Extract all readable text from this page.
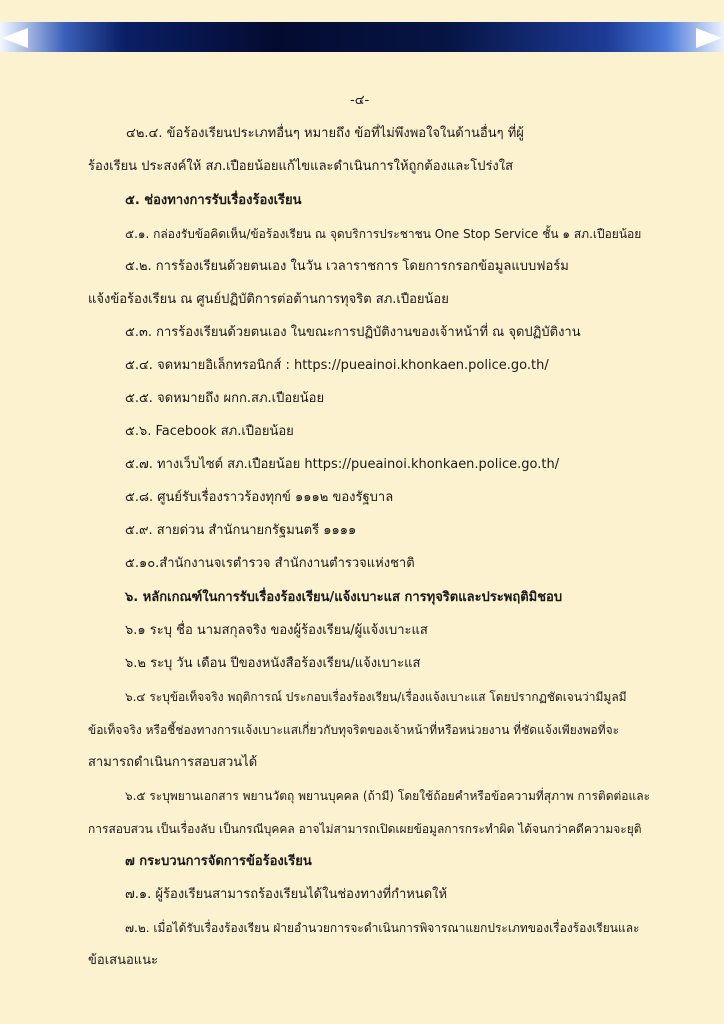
-๔-
๔๒.๔. ข้อร้องเรียนประเภทอื่นๆ หมายถึง ข้อที่ไม่พึงพอใจในด้านอื่นๆ ที่ผู้
ร้องเรียน ประสงค์ให้ สภ.เปือยน้อยแก้ไขและดำเนินการให้ถูกต้องและโปร่งใส
๕. ช่องทางการรับเรื่องร้องเรียน
๕.๑. กล่องรับข้อคิดเห็น/ข้อร้องเรียน ณ จุดบริการประชาชน One Stop Service ชั้น ๑ สภ.เปือยน้อย
๕.๒. การร้องเรียนด้วยตนเอง ในวัน เวลาราชการ โดยการกรอกข้อมูลแบบฟอร์ม
แจ้งข้อร้องเรียน ณ ศูนย์ปฏิบัติการต่อต้านการทุจริต สภ.เปือยน้อย
๕.๓. การร้องเรียนด้วยตนเอง ในขณะการปฏิบัติงานของเจ้าหน้าที่ ณ จุดปฏิบัติงาน
๕.๔. จดหมายอิเล็กทรอนิกส์ : https://pueainoi.khonkaen.police.go.th/
๕.๕. จดหมายถึง ผกก.สภ.เปือยน้อย
๕.๖. Facebook สภ.เปือยน้อย
๕.๗. ทางเว็บไซต์ สภ.เปือยน้อย https://pueainoi.khonkaen.police.go.th/
๕.๘. ศูนย์รับเรื่องราวร้องทุกข์ ๑๑๑๒ ของรัฐบาล
๕.๙. สายด่วน สำนักนายกรัฐมนตรี ๑๑๑๑
๕.๑๐.สำนักงานจเรตำรวจ สำนักงานตำรวจแห่งชาติ
๖. หลักเกณฑ์ในการรับเรื่องร้องเรียน/แจ้งเบาะแส การทุจริตและประพฤติมิชอบ
๖.๑ ระบุ ชื่อ นามสกุลจริง ของผู้ร้องเรียน/ผู้แจ้งเบาะแส
๖.๒ ระบุ วัน เดือน ปีของหนังสือร้องเรียน/แจ้งเบาะแส
๖.๔ ระบุข้อเท็จจริง พฤติการณ์ ประกอบเรื่องร้องเรียน/เรื่องแจ้งเบาะแส โดยปรากฏชัดเจนว่ามีมูลมี
ข้อเท็จจริง หรือชี้ช่องทางการแจ้งเบาะแสเกี่ยวกับทุจริตของเจ้าหน้าที่หรือหน่วยงาน ที่ชัดแจ้งเพียงพอที่จะ
สามารถดำเนินการสอบสวนได้
๖.๕ ระบุพยานเอกสาร พยานวัตถุ พยานบุคคล (ถ้ามี) โดยใช้ถ้อยคำหรือข้อความที่สุภาพ การติดต่อและ
การสอบสวน เป็นเรื่องลับ เป็นกรณีบุคคล อาจไม่สามารถเปิดเผยข้อมูลการกระทำผิด ได้จนกว่าคดีความจะยุติ
๗ กระบวนการจัดการข้อร้องเรียน
๗.๑. ผู้ร้องเรียนสามารถร้องเรียนได้ในช่องทางที่กำหนดให้
๗.๒. เมื่อได้รับเรื่องร้องเรียน ฝ่ายอำนวยการจะดำเนินการพิจารณาแยกประเภทของเรื่องร้องเรียนและ
ข้อเสนอแนะ
